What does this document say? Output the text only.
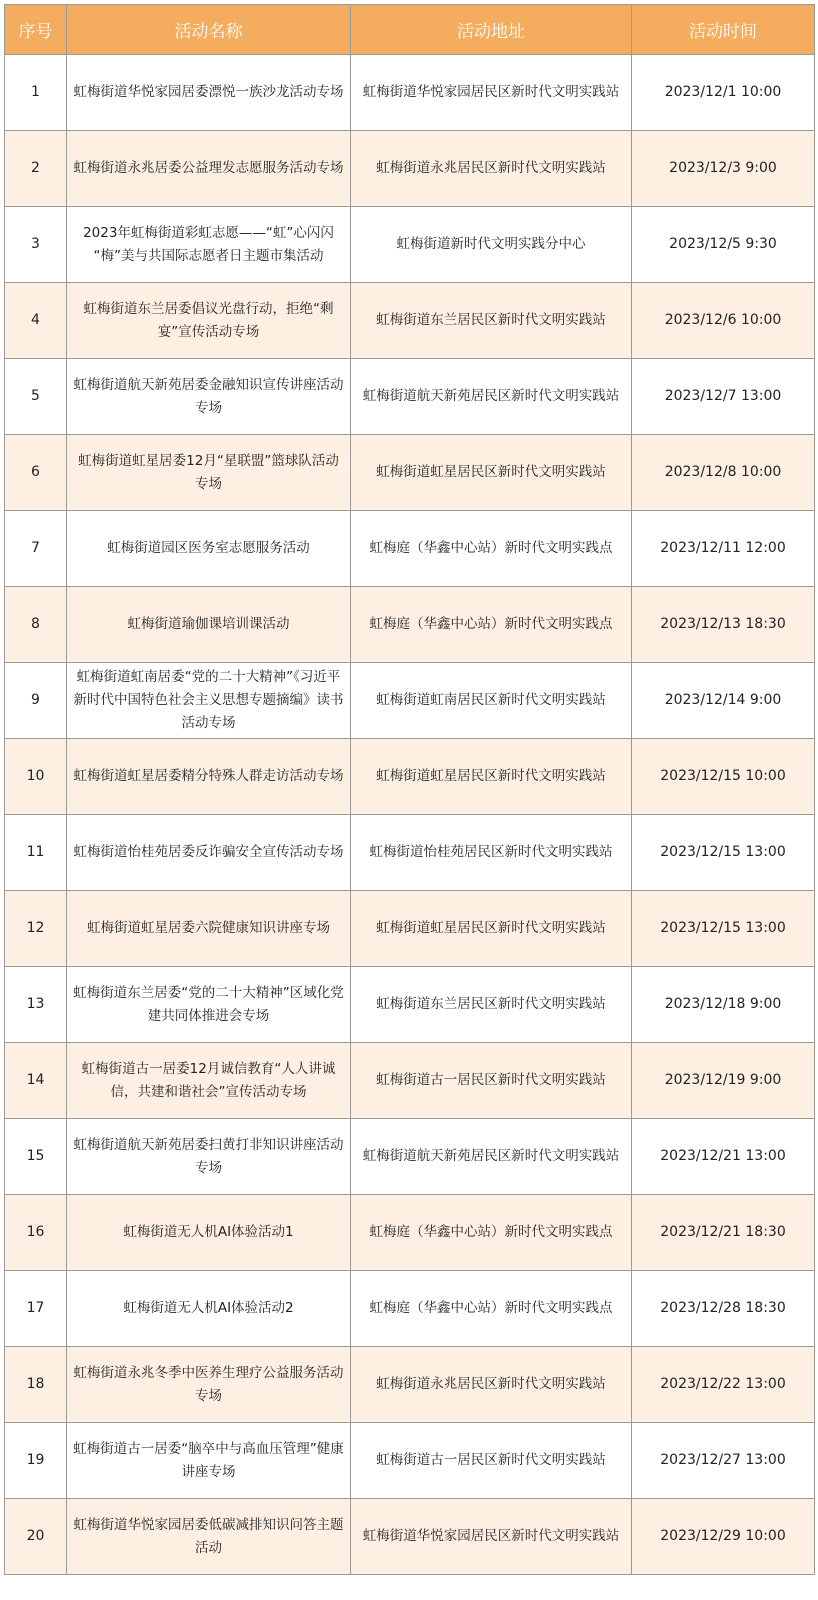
序号	活动名称	活动地址	活动时间
1	虹梅街道华悦家园居委漂悦一族沙龙活动专场	虹梅街道华悦家园居民区新时代文明实践站	2023/12/1 10:00
2	虹梅街道永兆居委公益理发志愿服务活动专场	虹梅街道永兆居民区新时代文明实践站	2023/12/3 9:00
3	2023年虹梅街道彩虹志愿——“虹”心闪闪 “梅”美与共国际志愿者日主题市集活动	虹梅街道新时代文明实践分中心	2023/12/5 9:30
4	虹梅街道东兰居委倡议光盘行动，拒绝“剩宴”宣传活动专场	虹梅街道东兰居民区新时代文明实践站	2023/12/6 10:00
5	虹梅街道航天新苑居委金融知识宣传讲座活动专场	虹梅街道航天新苑居民区新时代文明实践站	2023/12/7 13:00
6	虹梅街道虹星居委12月“星联盟”篮球队活动专场	虹梅街道虹星居民区新时代文明实践站	2023/12/8 10:00
7	虹梅街道园区医务室志愿服务活动	虹梅庭（华鑫中心站）新时代文明实践点	2023/12/11 12:00
8	虹梅街道瑜伽课培训课活动	虹梅庭（华鑫中心站）新时代文明实践点	2023/12/13 18:30
9	虹梅街道虹南居委“党的二十大精神”《习近平新时代中国特色社会主义思想专题摘编》读书活动专场	虹梅街道虹南居民区新时代文明实践站	2023/12/14 9:00
10	虹梅街道虹星居委精分特殊人群走访活动专场	虹梅街道虹星居民区新时代文明实践站	2023/12/15 10:00
11	虹梅街道怡桂苑居委反诈骗安全宣传活动专场	虹梅街道怡桂苑居民区新时代文明实践站	2023/12/15 13:00
12	虹梅街道虹星居委六院健康知识讲座专场	虹梅街道虹星居民区新时代文明实践站	2023/12/15 13:00
13	虹梅街道东兰居委“党的二十大精神”区域化党建共同体推进会专场	虹梅街道东兰居民区新时代文明实践站	2023/12/18 9:00
14	虹梅街道古一居委12月诚信教育“人人讲诚信，共建和谐社会”宣传活动专场	虹梅街道古一居民区新时代文明实践站	2023/12/19 9:00
15	虹梅街道航天新苑居委扫黄打非知识讲座活动专场	虹梅街道航天新苑居民区新时代文明实践站	2023/12/21 13:00
16	虹梅街道无人机AI体验活动1	虹梅庭（华鑫中心站）新时代文明实践点	2023/12/21 18:30
17	虹梅街道无人机AI体验活动2	虹梅庭（华鑫中心站）新时代文明实践点	2023/12/28 18:30
18	虹梅街道永兆冬季中医养生理疗公益服务活动专场	虹梅街道永兆居民区新时代文明实践站	2023/12/22 13:00
19	虹梅街道古一居委“脑卒中与高血压管理”健康讲座专场	虹梅街道古一居民区新时代文明实践站	2023/12/27 13:00
20	虹梅街道华悦家园居委低碳减排知识问答主题活动	虹梅街道华悦家园居民区新时代文明实践站	2023/12/29 10:00
